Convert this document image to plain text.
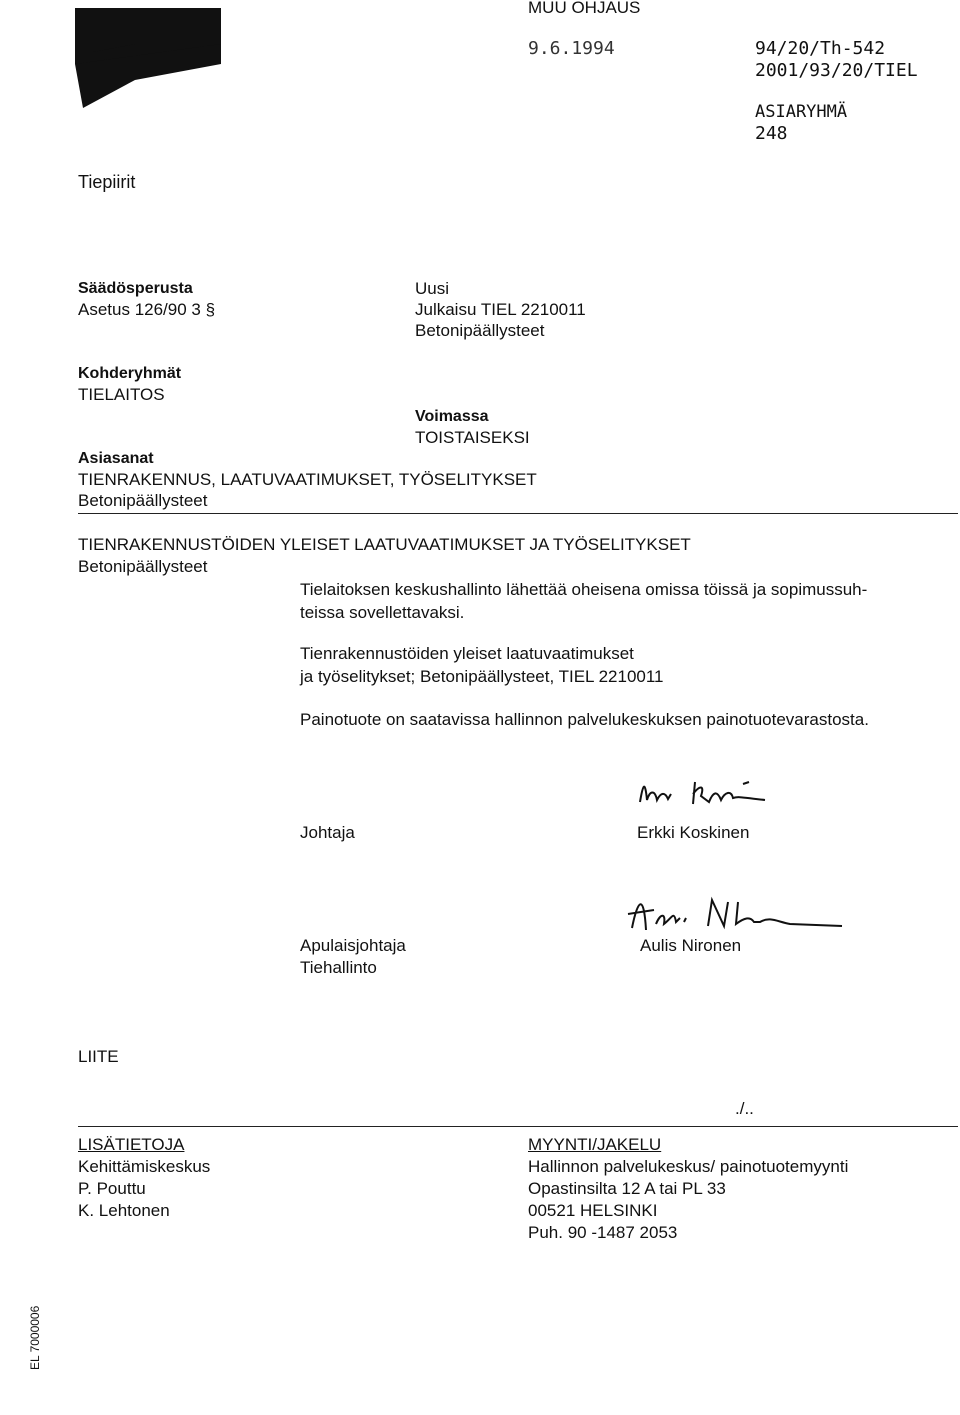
MUU OHJAUS
9.6.1994	94/20/Th-542
2001/93/20/TIEL
ASIARYHMÄ
248
Tiepiirit
Säädösperusta
Asetus 126/90 3 §
Uusi
Julkaisu TIEL 2210011
Betonipäällysteet
Kohderyhmät
TIELAITOS
Voimassa
TOISTAISEKSI
Asiasanat
TIENRAKENNUS, LAATUVAATIMUKSET, TYÖSELITYKSET
Betonipäällysteet
TIENRAKENNUSTÖIDEN YLEISET LAATUVAATIMUKSET JA TYÖSELITYKSET
Betonipäällysteet
Tielaitoksen keskushallinto lähettää oheisena omissa töissä ja sopimussuh-
teissa sovellettavaksi.
Tienrakennustöiden yleiset laatuvaatimukset
ja työselitykset; Betonipäällysteet, TIEL 2210011
Painotuote on saatavissa hallinnon palvelukeskuksen painotuotevarastosta.
Johtaja	Erkki Koskinen
Apulaisjohtaja
Tiehallinto
Aulis Nironen
LIITE
./..
LISÄTIETOJA
Kehittämiskeskus
P. Pouttu
K. Lehtonen
MYYNTI/JAKELU
Hallinnon palvelukeskus/ painotuotemyynti
Opastinsilta 12 A tai PL 33
00521 HELSINKI
Puh. 90 -1487 2053
EL 7000006
